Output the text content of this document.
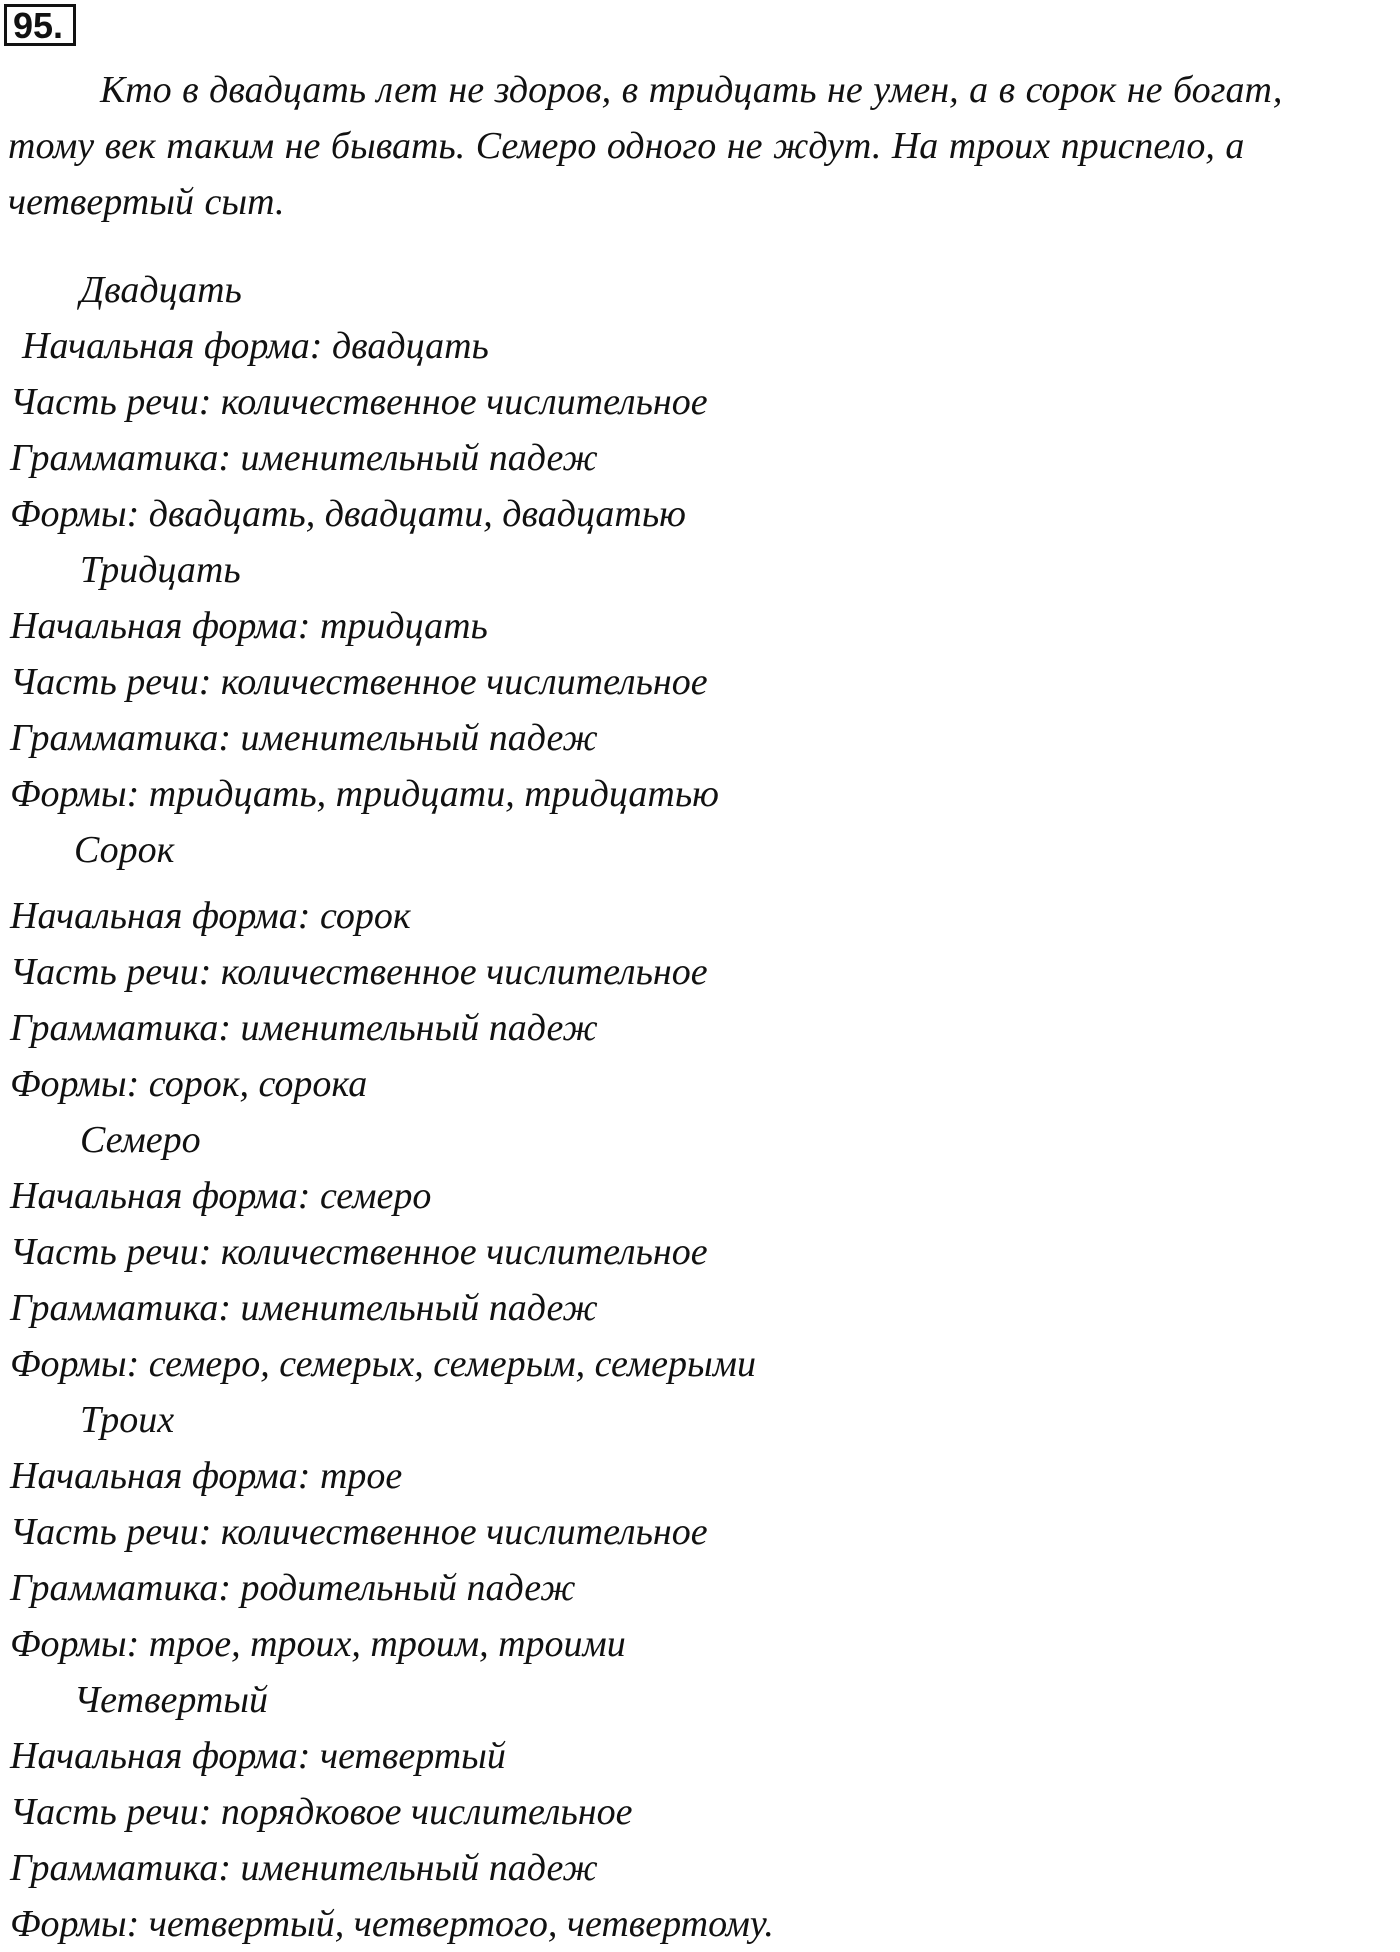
95.
Кто в двадцать лет не здоров, в тридцать не умен, а в сорок не богат,
тому век таким не бывать. Семеро одного не ждут. На троих приспело, а
четвертый сыт.
Двадцать
Начальная форма: двадцать
Часть речи: количественное числительное
Грамматика: именительный падеж
Формы: двадцать, двадцати, двадцатью
Тридцать
Начальная форма: тридцать
Часть речи: количественное числительное
Грамматика: именительный падеж
Формы: тридцать, тридцати, тридцатью
Сорок
Начальная форма: сорок
Часть речи: количественное числительное
Грамматика: именительный падеж
Формы: сорок, сорока
Семеро
Начальная форма: семеро
Часть речи: количественное числительное
Грамматика: именительный падеж
Формы: семеро, семерых, семерым, семерыми
Троих
Начальная форма: трое
Часть речи: количественное числительное
Грамматика: родительный падеж
Формы: трое, троих, троим, троими
Четвертый
Начальная форма: четвертый
Часть речи: порядковое числительное
Грамматика: именительный падеж
Формы: четвертый, четвертого, четвертому.
